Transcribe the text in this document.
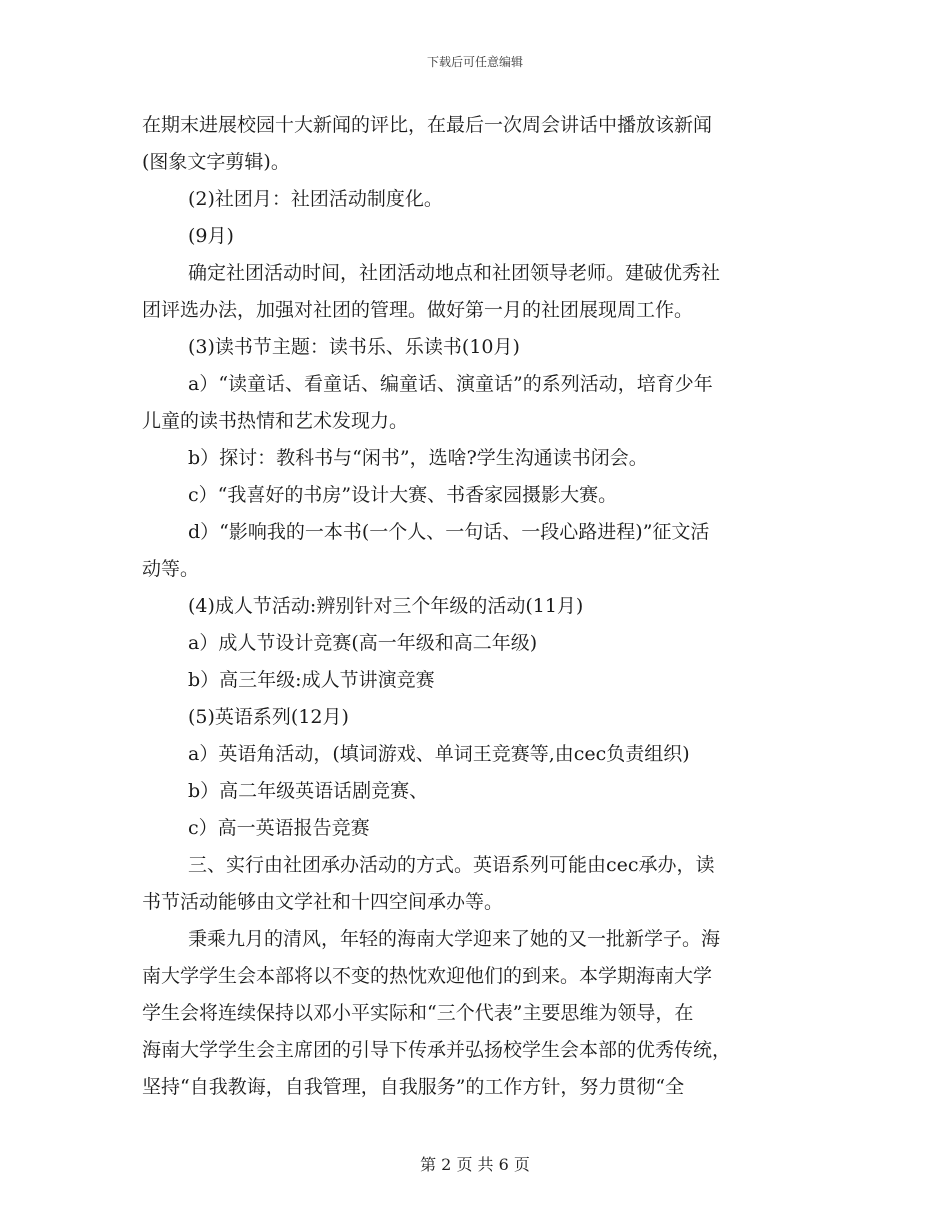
下载后可任意编辑
在期末进展校园十大新闻的评比，在最后一次周会讲话中播放该新闻
(图象文字剪辑)。
(2)社团月：社团活动制度化。
(9月)
确定社团活动时间，社团活动地点和社团领导老师。建破优秀社
团评选办法，加强对社团的管理。做好第一月的社团展现周工作。
(3)读书节主题：读书乐、乐读书(10月)
a）“读童话、看童话、编童话、演童话”的系列活动，培育少年
儿童的读书热情和艺术发现力。
b）探讨：教科书与“闲书”，选啥?学生沟通读书闭会。
c）“我喜好的书房”设计大赛、书香家园摄影大赛。
d）“影响我的一本书(一个人、一句话、一段心路进程)”征文活
动等。
(4)成人节活动:辨别针对三个年级的活动(11月)
a）成人节设计竞赛(高一年级和高二年级)
b）高三年级:成人节讲演竞赛
(5)英语系列(12月)
a）英语角活动，(填词游戏、单词王竞赛等,由cec负责组织)
b）高二年级英语话剧竞赛、
c）高一英语报告竞赛
三、实行由社团承办活动的方式。英语系列可能由cec承办，读
书节活动能够由文学社和十四空间承办等。
秉乘九月的清风，年轻的海南大学迎来了她的又一批新学子。海
南大学学生会本部将以不变的热忱欢迎他们的到来。本学期海南大学
学生会将连续保持以邓小平实际和“三个代表”主要思维为领导，在
海南大学学生会主席团的引导下传承并弘扬校学生会本部的优秀传统，
坚持“自我教诲，自我管理，自我服务”的工作方针，努力贯彻“全
第 2 页 共 6 页
